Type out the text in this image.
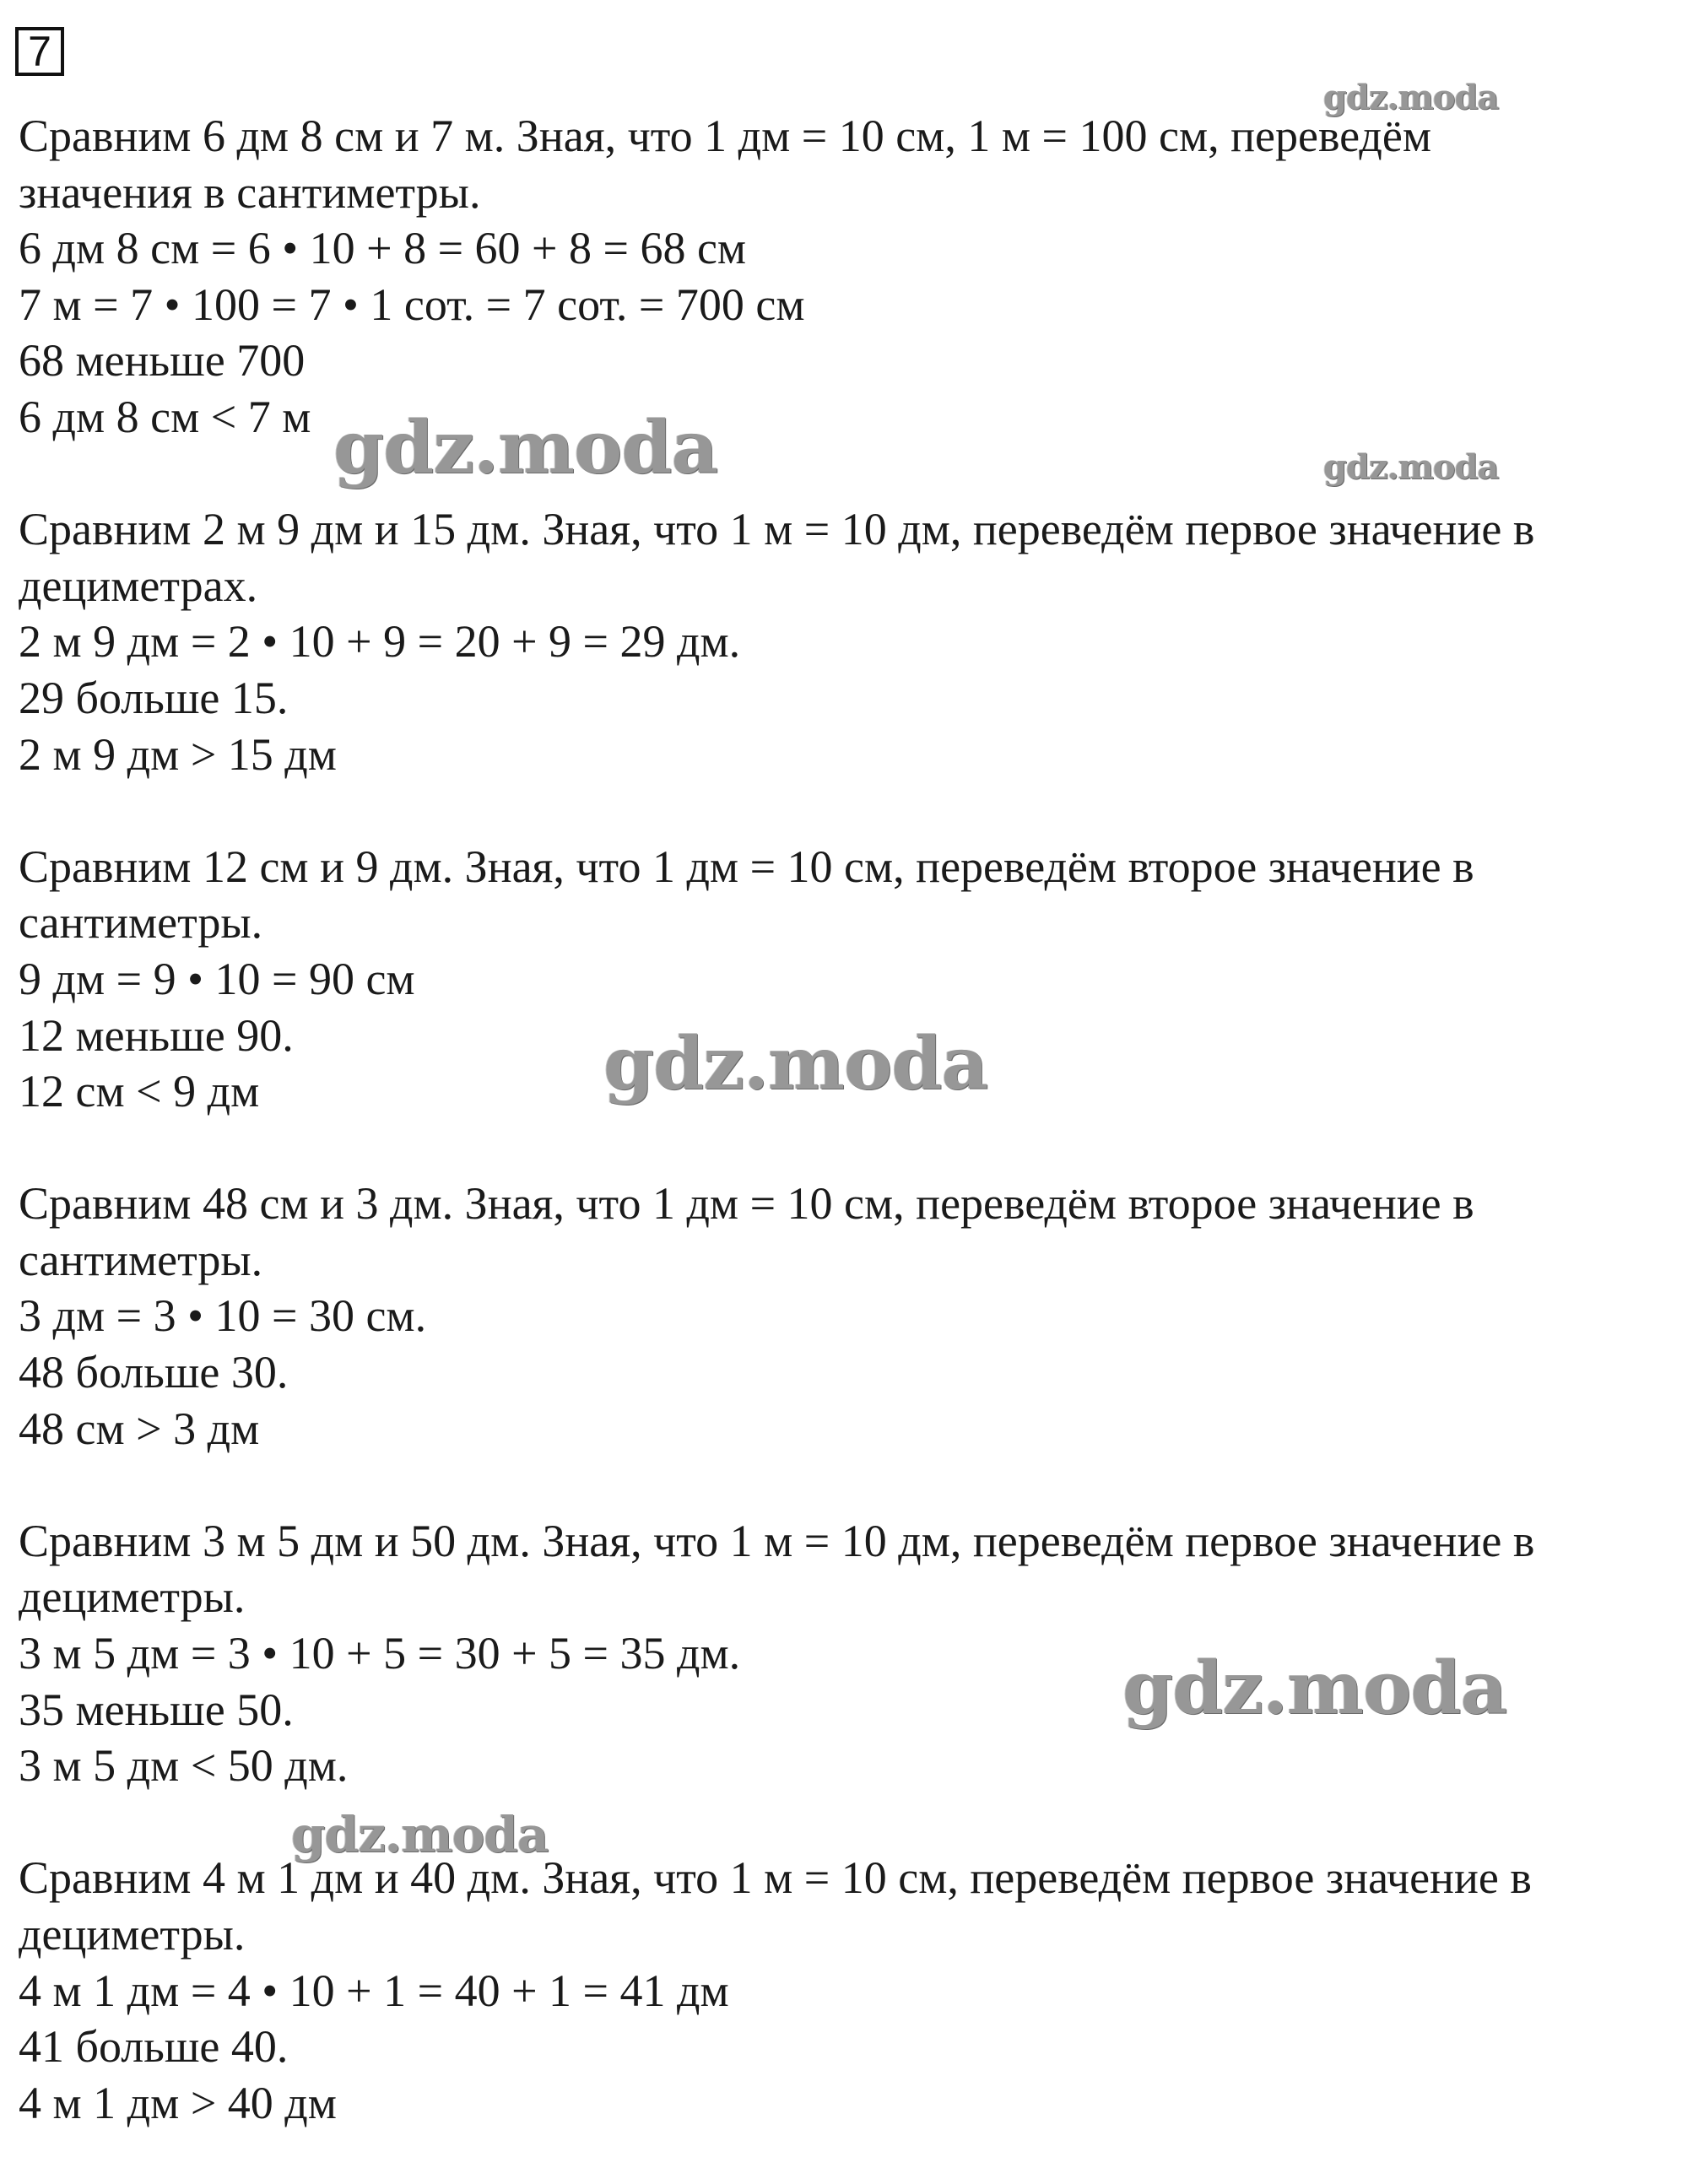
7
Сравним 6 дм 8 см и 7 м. Зная, что 1 дм = 10 см, 1 м = 100 см, переведём
значения в сантиметры.
6 дм 8 см = 6 • 10 + 8 = 60 + 8 = 68 см
7 м = 7 • 100 = 7 • 1 сот. = 7 сот. = 700 см
68 меньше 700
6 дм 8 см < 7 м
Сравним 2 м 9 дм и 15 дм. Зная, что 1 м = 10 дм, переведём первое значение в
дециметрах.
2 м 9 дм = 2 • 10 + 9 = 20 + 9 = 29 дм.
29 больше 15.
2 м 9 дм > 15 дм
Сравним 12 см и 9 дм. Зная, что 1 дм = 10 см, переведём второе значение в
сантиметры.
9 дм = 9 • 10 = 90 см
12 меньше 90.
12 см < 9 дм
Сравним 48 см и 3 дм. Зная, что 1 дм = 10 см, переведём второе значение в
сантиметры.
3 дм = 3 • 10 = 30 см.
48 больше 30.
48 см > 3 дм
Сравним 3 м 5 дм и 50 дм. Зная, что 1 м = 10 дм, переведём первое значение в
дециметры.
3 м 5 дм = 3 • 10 + 5 = 30 + 5 = 35 дм.
35 меньше 50.
3 м 5 дм < 50 дм.
Сравним 4 м 1 дм и 40 дм. Зная, что 1 м = 10 см, переведём первое значение в
дециметры.
4 м 1 дм = 4 • 10 + 1 = 40 + 1 = 41 дм
41 больше 40.
4 м 1 дм > 40 дм
gdz.moda
gdz.moda	gdz.moda
gdz.moda
gdz.moda
gdz.moda
